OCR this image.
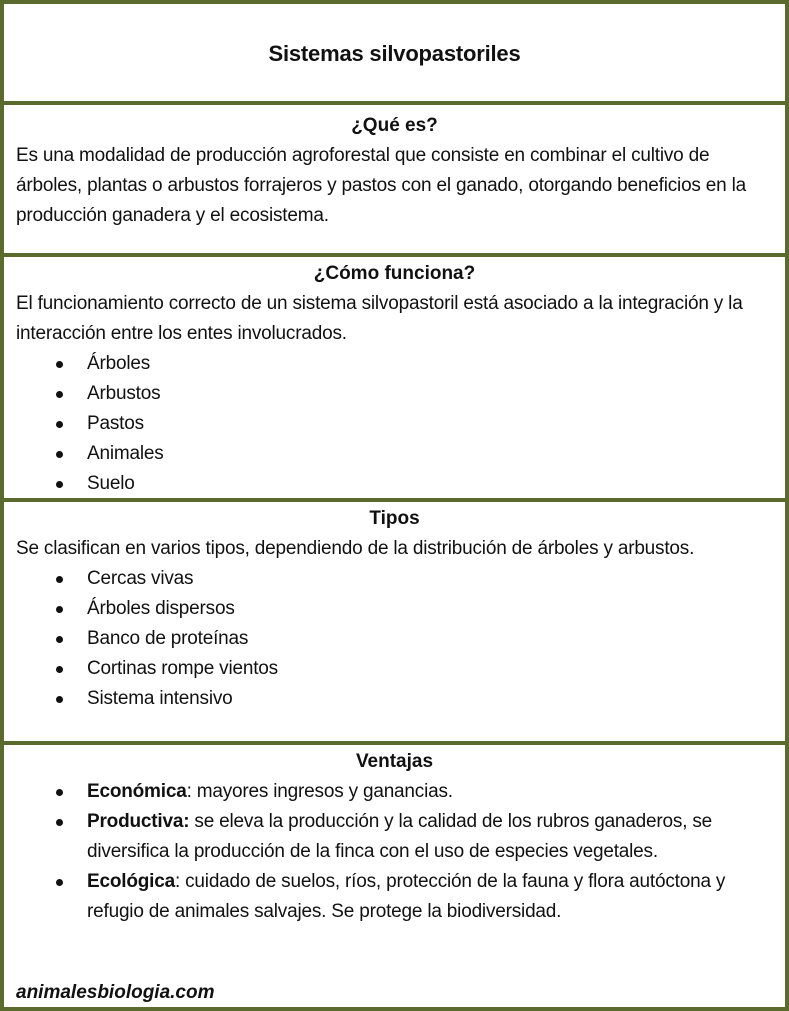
Sistemas silvopastoriles
¿Qué es?

Es una modalidad de producción agroforestal que consiste en combinar el cultivo de árboles, plantas o arbustos forrajeros y pastos con el ganado, otorgando beneficios en la producción ganadera y el ecosistema.

¿Cómo funciona?

El funcionamiento correcto de un sistema silvopastoril está asociado a la integración y la interacción entre los entes involucrados.

Árboles
Arbustos
Pastos
Animales
Suelo
Tipos

Se clasifican en varios tipos, dependiendo de la distribución de árboles y arbustos.

Cercas vivas
Árboles dispersos
Banco de proteínas
Cortinas rompe vientos
Sistema intensivo
Ventajas
Económica: mayores ingresos y ganancias.
Productiva: se eleva la producción y la calidad de los rubros ganaderos, se diversifica la producción de la finca con el uso de especies vegetales.
Ecológica: cuidado de suelos, ríos, protección de la fauna y flora autóctona y refugio de animales salvajes. Se protege la biodiversidad.
animalesbiologia.com
